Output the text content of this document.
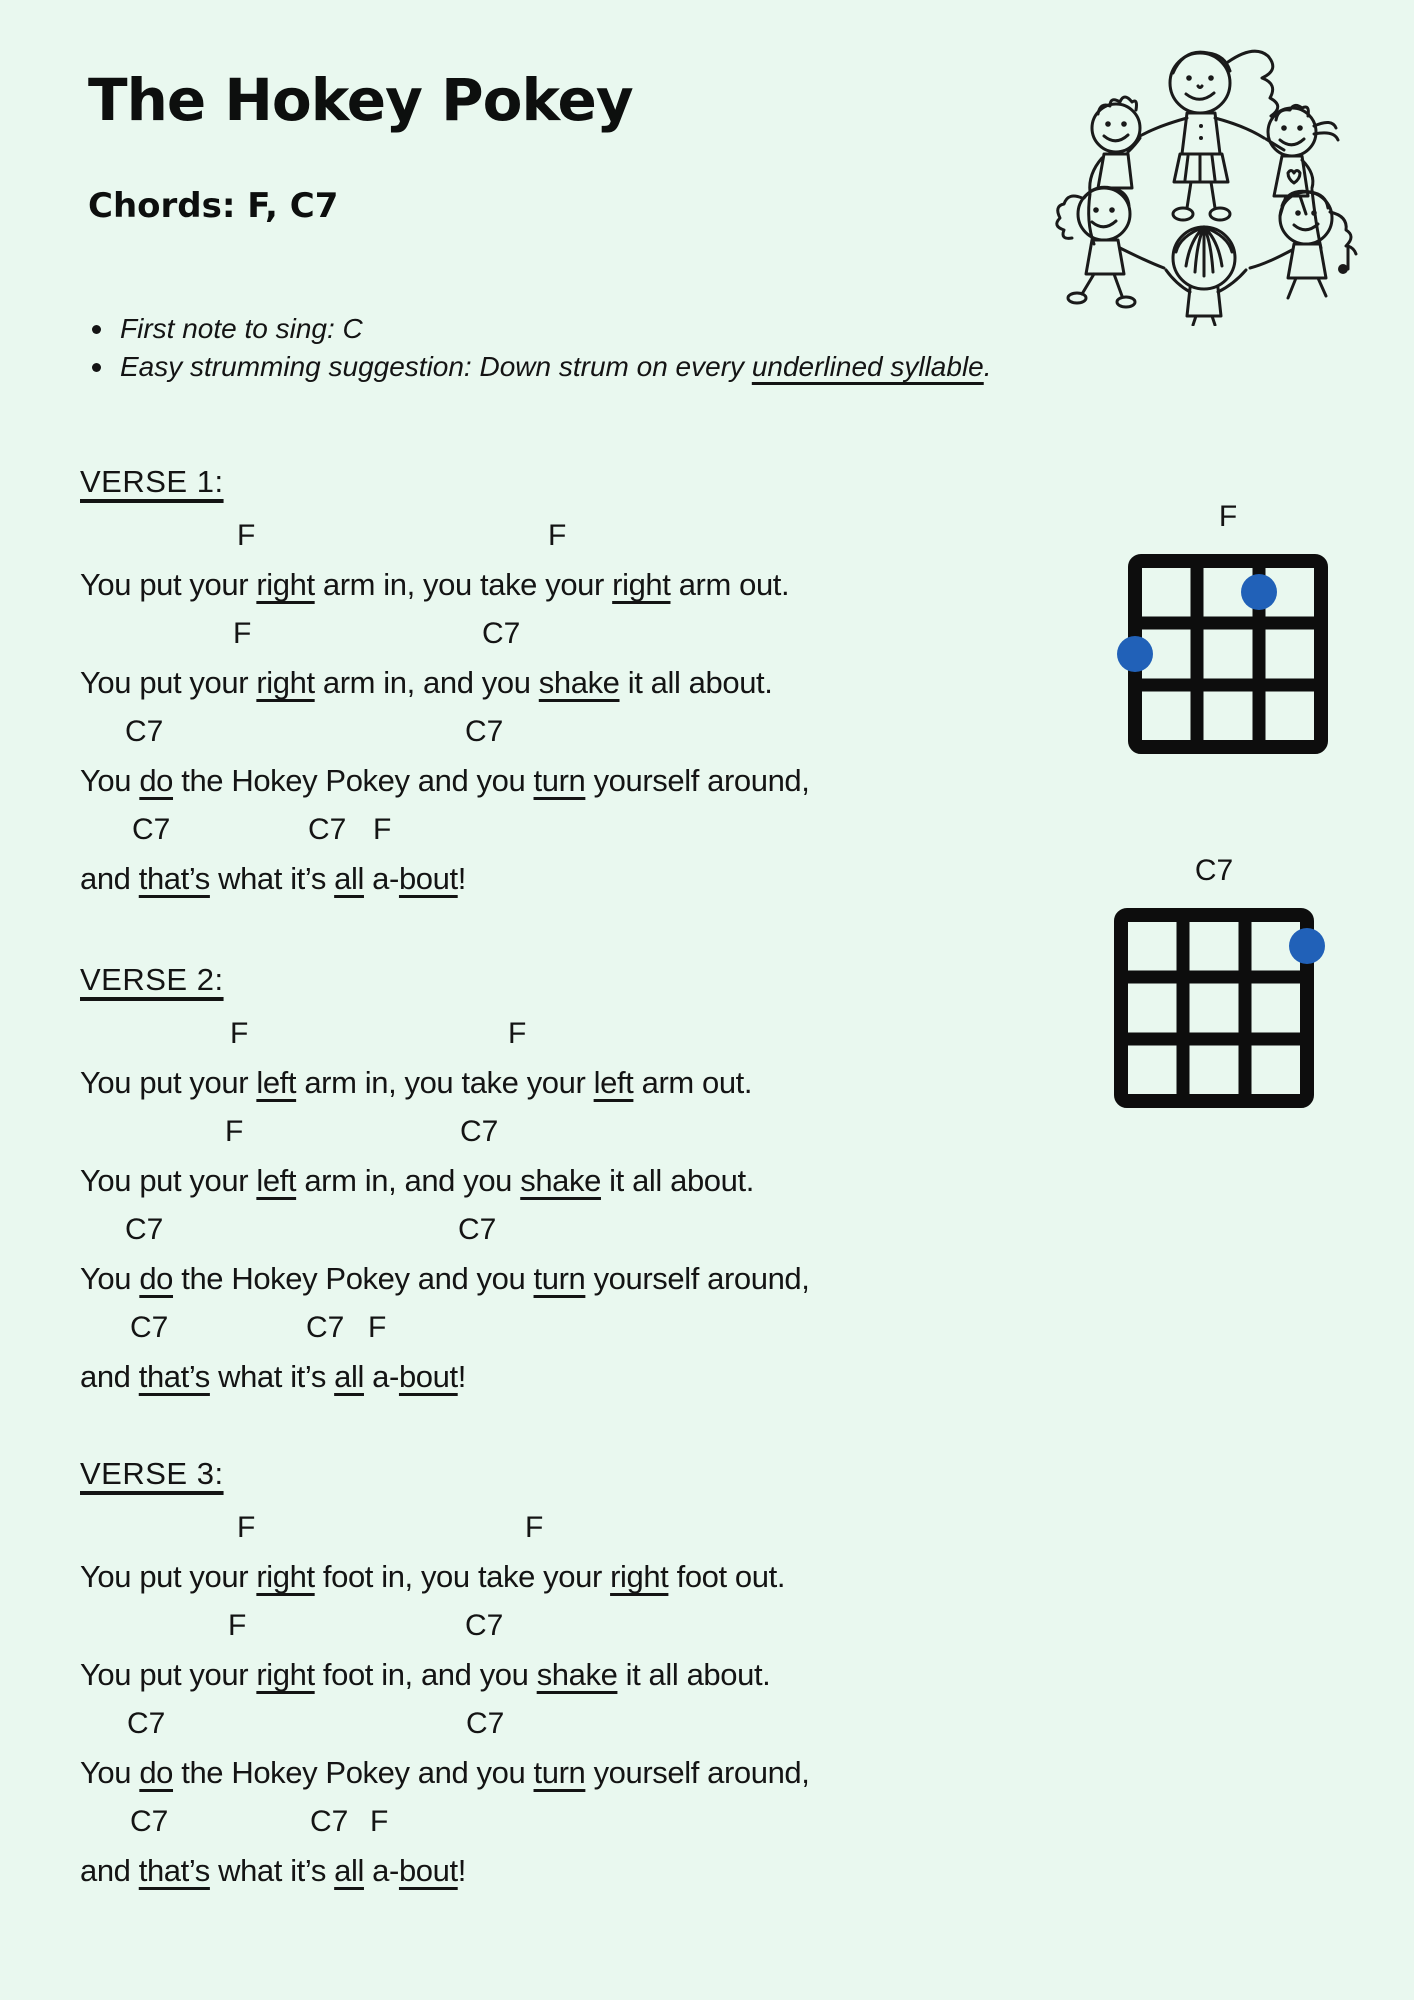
The Hokey Pokey
Chords: F, C7
First note to sing: C
Easy strumming suggestion: Down strum on every underlined syllable.
VERSE 1:
F	F
You put your right arm in, you take your right arm out.
F	C7
You put your right arm in, and you shake it all about.
C7	C7
You do the Hokey Pokey and you turn yourself around,
C7	C7 F
and that’s what it’s all a-bout!
VERSE 2:
F	F
You put your left arm in, you take your left arm out.
F	C7
You put your left arm in, and you shake it all about.
C7	C7
You do the Hokey Pokey and you turn yourself around,
C7	C7 F
and that’s what it’s all a-bout!
VERSE 3:
F	F
You put your right foot in, you take your right foot out.
F	C7
You put your right foot in, and you shake it all about.
C7	C7
You do the Hokey Pokey and you turn yourself around,
C7	C7 F
and that’s what it’s all a-bout!
F
C7
